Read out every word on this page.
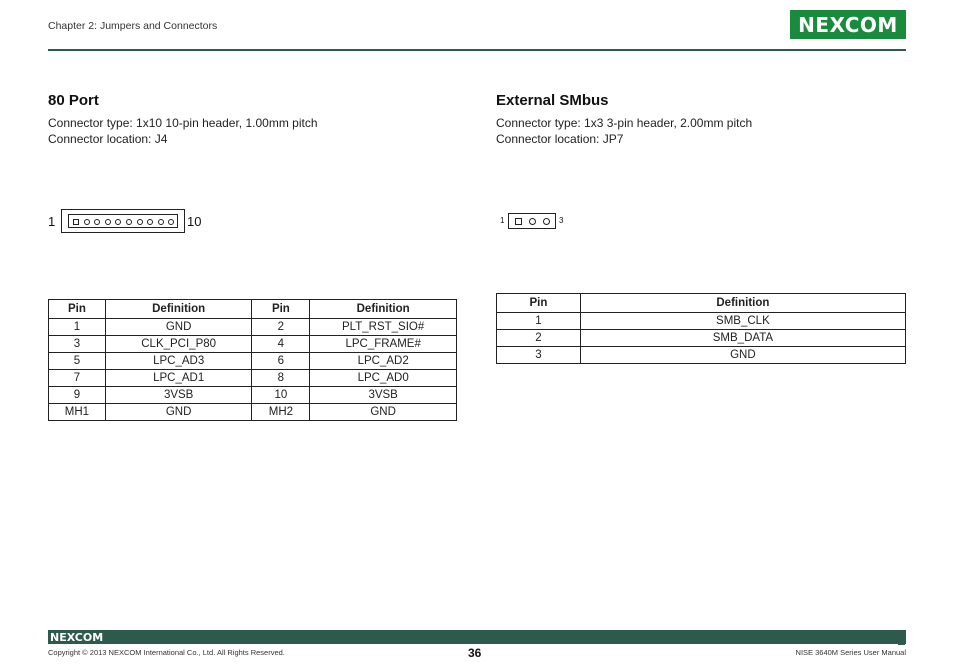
Chapter 2: Jumpers and Connectors	NEXCOM
80 Port
Connector type: 1x10 10-pin header, 1.00mm pitch
Connector location: J4
1	10
Pin	Definition	Pin	Definition
1	GND	2	PLT_RST_SIO#
3	CLK_PCI_P80	4	LPC_FRAME#
5	LPC_AD3	6	LPC_AD2
7	LPC_AD1	8	LPC_AD0
9	3VSB	10	3VSB
MH1	GND	MH2	GND
External SMbus
Connector type: 1x3 3-pin header, 2.00mm pitch
Connector location: JP7
1	3
Pin	Definition
1	SMB_CLK
2	SMB_DATA
3	GND
NEXCOM
Copyright © 2013 NEXCOM International Co., Ltd. All Rights Reserved.	36	NISE 3640M Series User Manual
